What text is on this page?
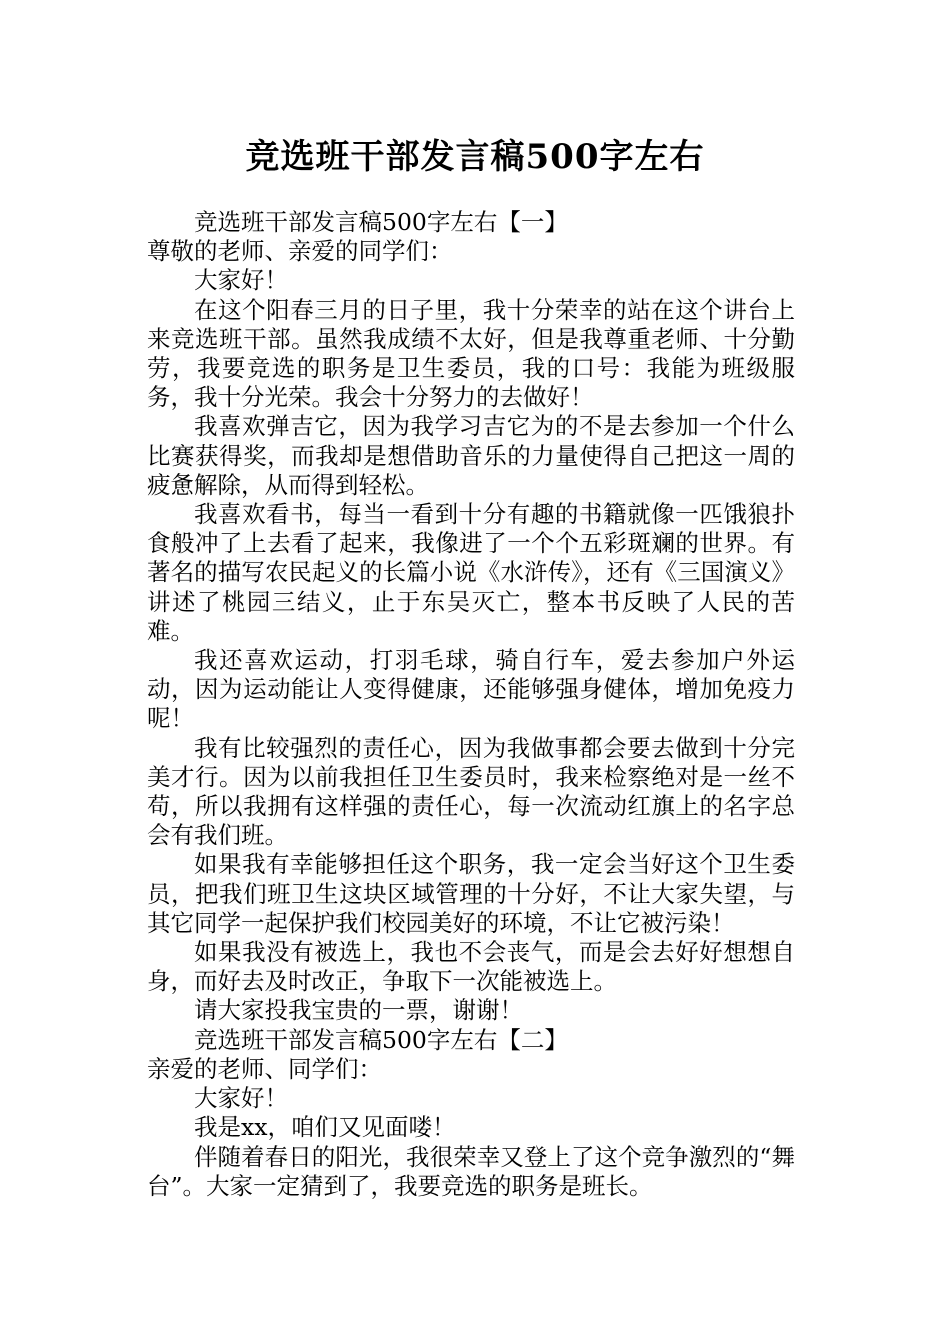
竞选班干部发言稿500字左右

竞选班干部发言稿500字左右【一】

尊敬的老师、亲爱的同学们：

大家好！

在这个阳春三月的日子里，我十分荣幸的站在这个讲台上来竞选班干部。虽然我成绩不太好，但是我尊重老师、十分勤劳，我要竞选的职务是卫生委员，我的口号：我能为班级服务，我十分光荣。我会十分努力的去做好！

我喜欢弹吉它，因为我学习吉它为的不是去参加一个什么比赛获得奖，而我却是想借助音乐的力量使得自己把这一周的疲惫解除，从而得到轻松。

我喜欢看书，每当一看到十分有趣的书籍就像一匹饿狼扑食般冲了上去看了起来，我像进了一个个五彩斑斓的世界。有著名的描写农民起义的长篇小说《水浒传》，还有《三国演义》讲述了桃园三结义，止于东吴灭亡，整本书反映了人民的苦难。

我还喜欢运动，打羽毛球，骑自行车，爱去参加户外运动，因为运动能让人变得健康，还能够强身健体，增加免疫力呢！

我有比较强烈的责任心，因为我做事都会要去做到十分完美才行。因为以前我担任卫生委员时，我来检察绝对是一丝不苟，所以我拥有这样强的责任心，每一次流动红旗上的名字总会有我们班。

如果我有幸能够担任这个职务，我一定会当好这个卫生委员，把我们班卫生这块区域管理的十分好，不让大家失望，与其它同学一起保护我们校园美好的环境，不让它被污染！

如果我没有被选上，我也不会丧气，而是会去好好想想自身，而好去及时改正，争取下一次能被选上。

请大家投我宝贵的一票，谢谢！

竞选班干部发言稿500字左右【二】

亲爱的老师、同学们：

大家好！

我是xx，咱们又见面喽！

伴随着春日的阳光，我很荣幸又登上了这个竞争激烈的“舞台”。大家一定猜到了，我要竞选的职务是班长。
